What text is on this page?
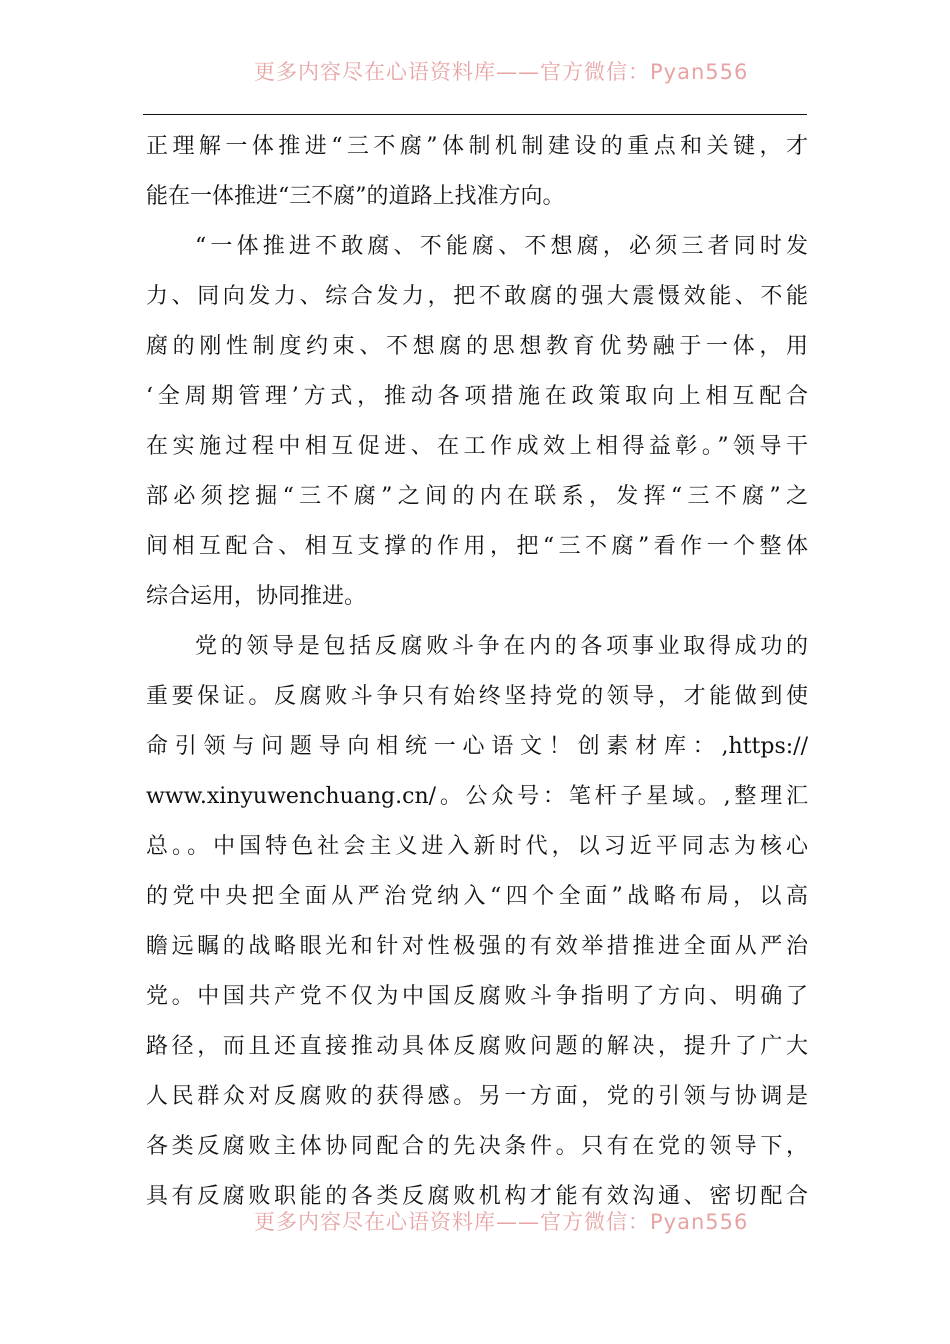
更多内容尽在心语资料库——官方微信：Pyan556
正理解一体推进“三不腐”体制机制建设的重点和关键，才
能在一体推进“三不腐”的道路上找准方向。
“一体推进不敢腐、不能腐、不想腐，必须三者同时发
力、同向发力、综合发力，把不敢腐的强大震慑效能、不能
腐的刚性制度约束、不想腐的思想教育优势融于一体，用
‘全周期管理’方式，推动各项措施在政策取向上相互配合
在实施过程中相互促进、在工作成效上相得益彰。”领导干
部必须挖掘“三不腐”之间的内在联系，发挥“三不腐”之
间相互配合、相互支撑的作用，把“三不腐”看作一个整体
综合运用，协同推进。
党的领导是包括反腐败斗争在内的各项事业取得成功的
重要保证。反腐败斗争只有始终坚持党的领导，才能做到使
命引领与问题导向相统一心语文！创素材库：,https://
www.xinyuwenchuang.cn/。公众号：笔杆子星域。,整理汇
总。。中国特色社会主义进入新时代，以习近平同志为核心
的党中央把全面从严治党纳入“四个全面”战略布局，以高
瞻远瞩的战略眼光和针对性极强的有效举措推进全面从严治
党。中国共产党不仅为中国反腐败斗争指明了方向、明确了
路径，而且还直接推动具体反腐败问题的解决，提升了广大
人民群众对反腐败的获得感。另一方面，党的引领与协调是
各类反腐败主体协同配合的先决条件。只有在党的领导下，
具有反腐败职能的各类反腐败机构才能有效沟通、密切配合
更多内容尽在心语资料库——官方微信：Pyan556
